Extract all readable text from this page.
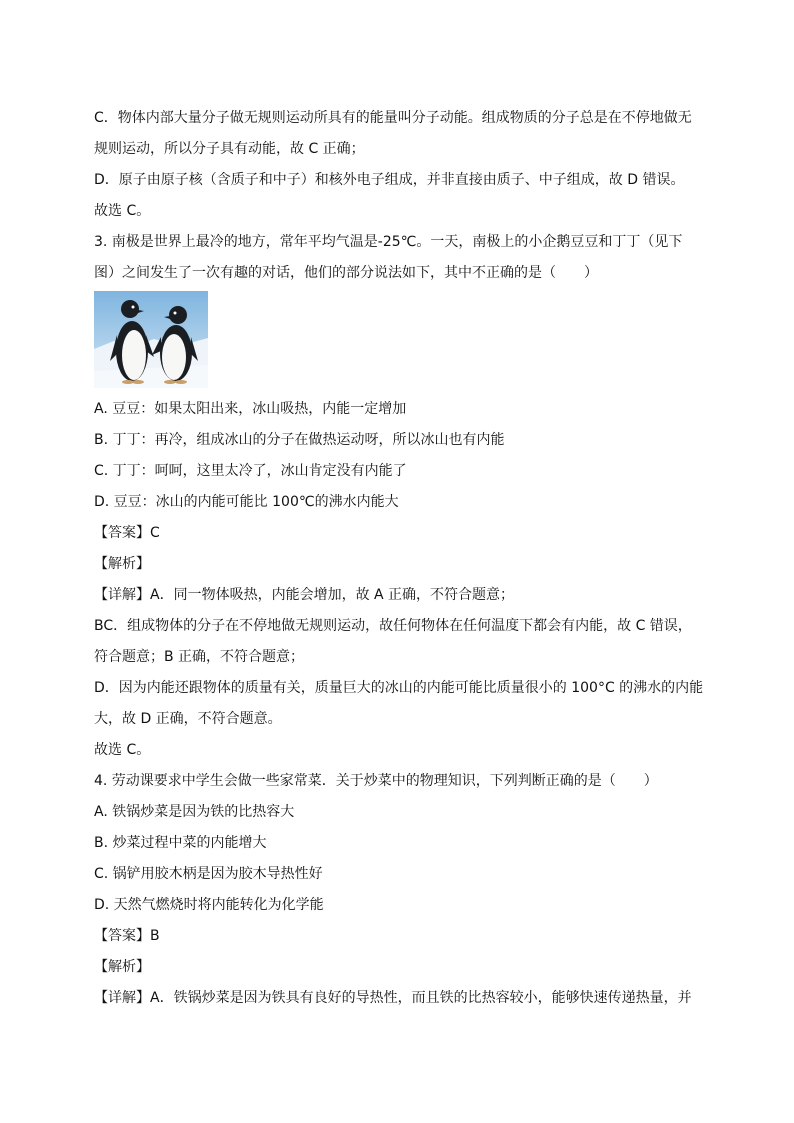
C．物体内部大量分子做无规则运动所具有的能量叫分子动能。组成物质的分子总是在不停地做无
规则运动，所以分子具有动能，故 C 正确；
D．原子由原子核（含质子和中子）和核外电子组成，并非直接由质子、中子组成，故 D 错误。
故选 C。
3. 南极是世界上最冷的地方，常年平均气温是-25℃。一天，南极上的小企鹅豆豆和丁丁（见下
图）之间发生了一次有趣的对话，他们的部分说法如下，其中不正确的是（　　）
A. 豆豆：如果太阳出来，冰山吸热，内能一定增加
B. 丁丁：再冷，组成冰山的分子在做热运动呀，所以冰山也有内能
C. 丁丁：呵呵，这里太冷了，冰山肯定没有内能了
D. 豆豆：冰山的内能可能比 100℃的沸水内能大
【答案】C
【解析】
【详解】A．同一物体吸热，内能会增加，故 A 正确，不符合题意；
BC．组成物体的分子在不停地做无规则运动，故任何物体在任何温度下都会有内能，故 C 错误，
符合题意；B 正确，不符合题意；
D．因为内能还跟物体的质量有关，质量巨大的冰山的内能可能比质量很小的 100°C 的沸水的内能
大，故 D 正确，不符合题意。
故选 C。
4. 劳动课要求中学生会做一些家常菜．关于炒菜中的物理知识，下列判断正确的是（　　）
A. 铁锅炒菜是因为铁的比热容大
B. 炒菜过程中菜的内能增大
C. 锅铲用胶木柄是因为胶木导热性好
D. 天然气燃烧时将内能转化为化学能
【答案】B
【解析】
【详解】A．铁锅炒菜是因为铁具有良好的导热性，而且铁的比热容较小，能够快速传递热量，并
